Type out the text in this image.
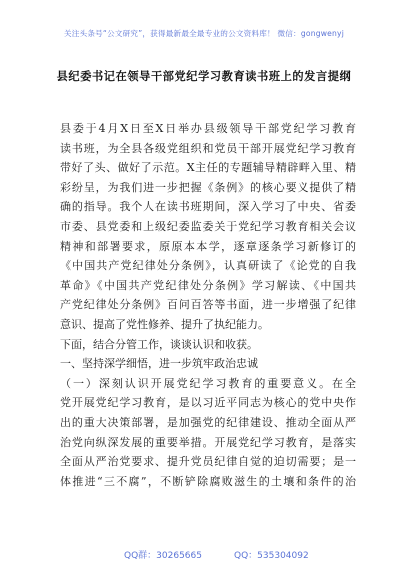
关注头条号“公文研究”，获得最新最全最专业的公文资料库！ 微信：gongwenyj
县纪委书记在领导干部党纪学习教育读书班上的发言提纲
县委于4月X日至X日举办县级领导干部党纪学习教育
读书班，为全县各级党组织和党员干部开展党纪学习教育
带好了头、做好了示范。X主任的专题辅导精辟畔入里、精
彩纷呈，为我们进一步把握《条例》的核心要义提供了精
确的指导。我个人在读书班期间，深入学习了中央、省委
市委、县党委和上级纪委监委关于党纪学习教育相关会议
精神和部署要求，原原本本学，逐章逐条学习新修订的
《中国共产党纪律处分条例》，认真研读了《论党的自我
革命》《中国共产党纪律处分条例》学习解读、《中国共
产党纪律处分条例》百问百答等书面，进一步增强了纪律
意识、提高了党性修养、提升了执纪能力。
下面，结合分管工作，谈谈认识和收获。
一、坚持深学细悟，进一步筑牢政治忠诚
（一）深刻认识开展党纪学习教育的重要意义。在全
党开展党纪学习教育，是以习近平同志为核心的党中央作
出的重大决策部署，是加强党的纪律建设、推动全面从严
治党向纵深发展的重要举措。开展党纪学习教育，是落实
全面从严治党要求、提升党员纪律自觉的迫切需要；是一
体推进“三不腐”，不断铲除腐败滋生的土壤和条件的治
QQ群：30265665	QQ：535304092
